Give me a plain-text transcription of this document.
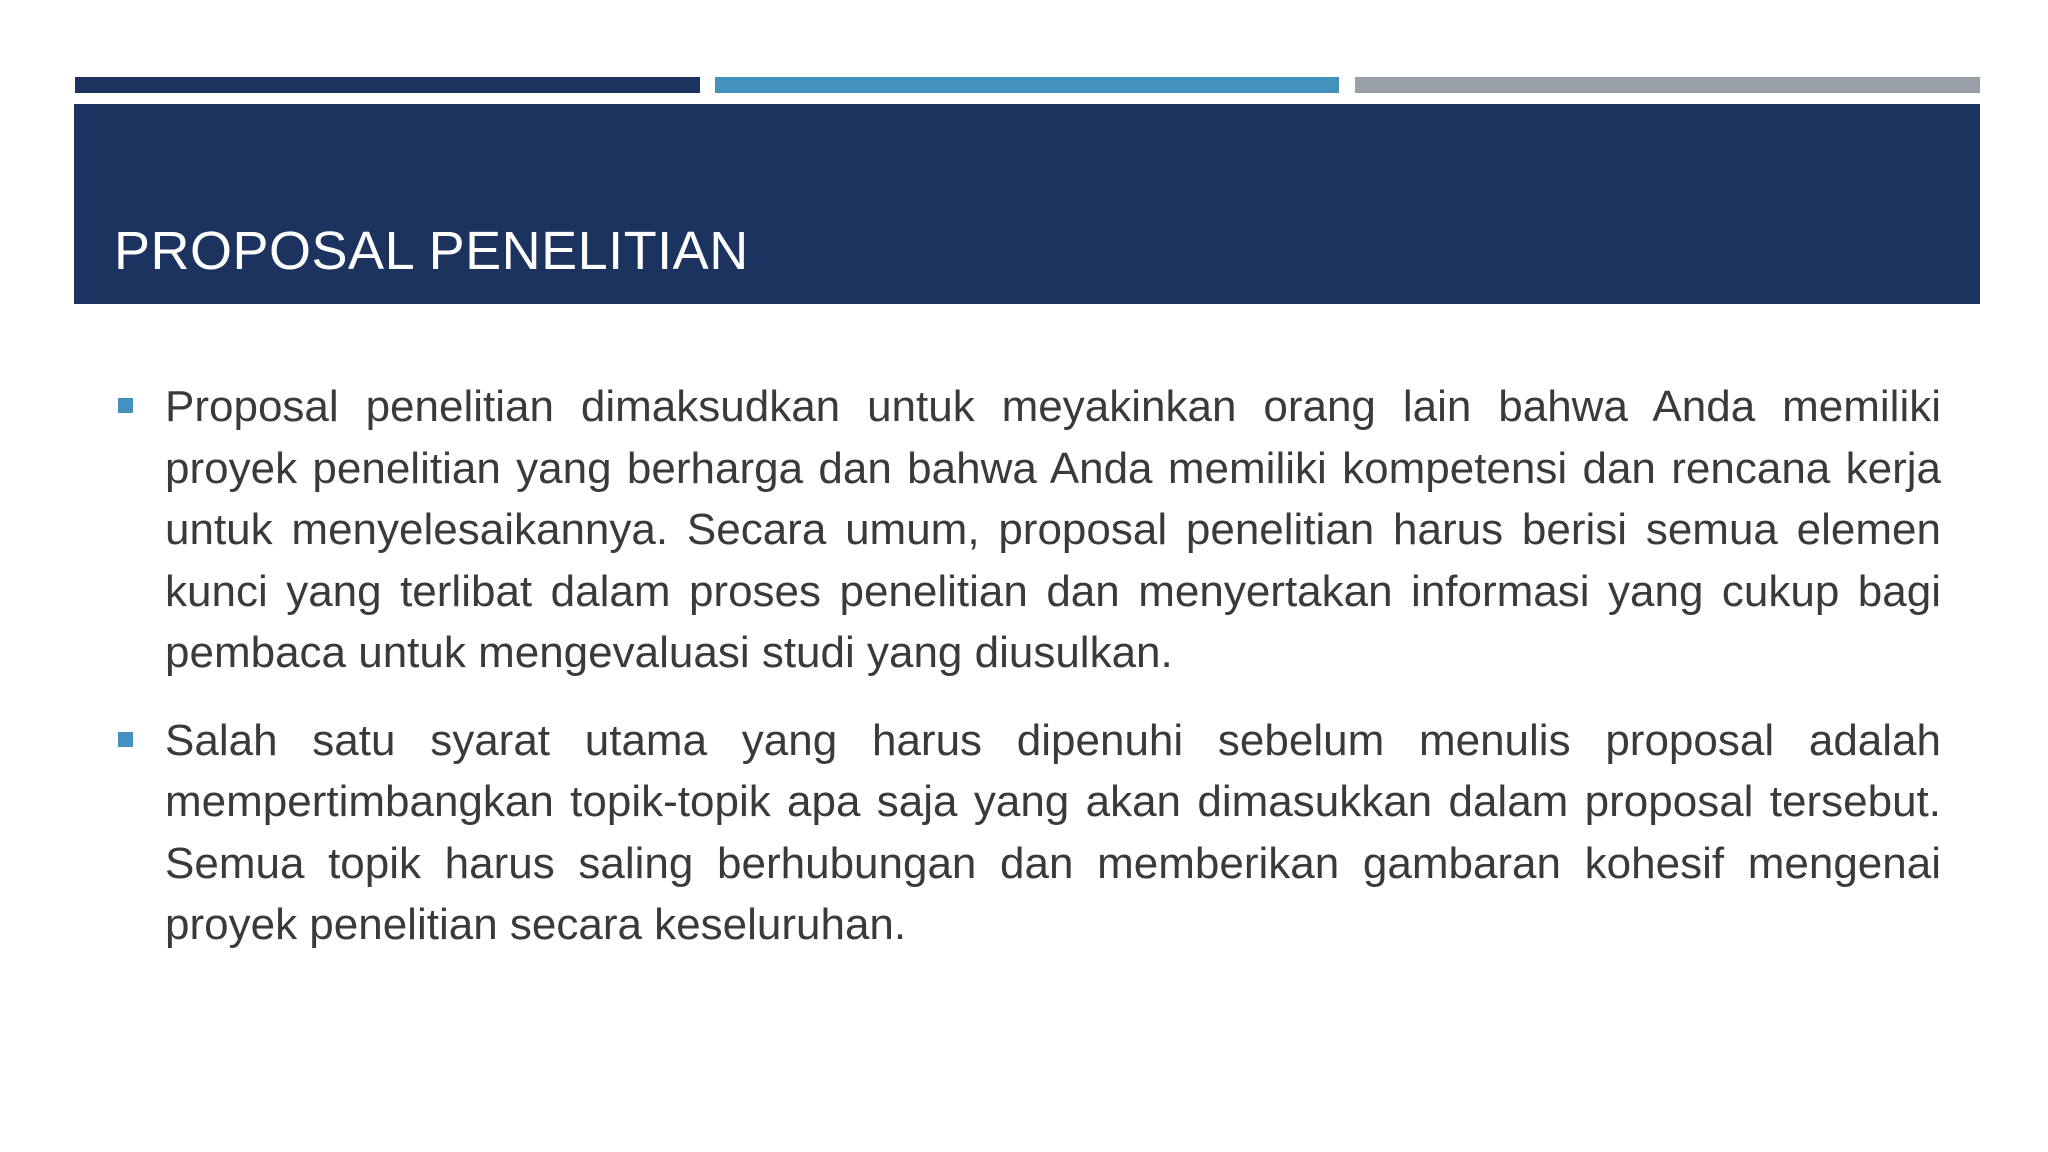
PROPOSAL PENELITIAN

Proposal penelitian dimaksudkan untuk meyakinkan orang lain bahwa Anda memiliki proyek penelitian yang berharga dan bahwa Anda memiliki kompetensi dan rencana kerja untuk menyelesaikannya. Secara umum, proposal penelitian harus berisi semua elemen kunci yang terlibat dalam proses penelitian dan menyertakan informasi yang cukup bagi pembaca untuk mengevaluasi studi yang diusulkan.

Salah satu syarat utama yang harus dipenuhi sebelum menulis proposal adalah mempertimbangkan topik-topik apa saja yang akan dimasukkan dalam proposal tersebut. Semua topik harus saling berhubungan dan memberikan gambaran kohesif mengenai proyek penelitian secara keseluruhan.
